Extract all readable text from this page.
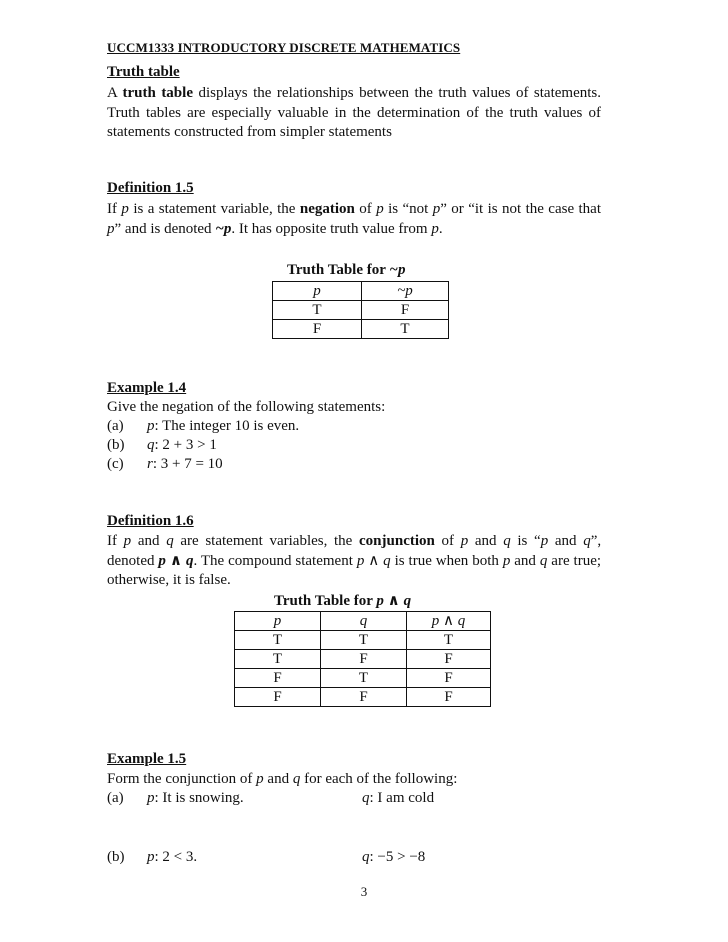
UCCM1333 INTRODUCTORY DISCRETE MATHEMATICS
Truth table
A truth table displays the relationships between the truth values of statements. Truth tables are especially valuable in the determination of the truth values of statements constructed from simpler statements
Definition 1.5
If p is a statement variable, the negation of p is “not p” or “it is not the case that p” and is denoted ~p. It has opposite truth value from p.
Truth Table for ~p
p	~p
T	F
F	T
Example 1.4
Give the negation of the following statements:
(a) p: The integer 10 is even.
(b) q: 2 + 3 > 1
(c) r: 3 + 7 = 10
Definition 1.6
If p and q are statement variables, the conjunction of p and q is “p and q”, denoted p ∧ q. The compound statement p ∧ q is true when both p and q are true; otherwise, it is false.
Truth Table for p ∧ q
p	q	p ∧ q
T	T	T
T	F	F
F	T	F
F	F	F
Example 1.5
Form the conjunction of p and q for each of the following:
(a) p: It is snowing.	q: I am cold
(b) p: 2 < 3.	q: −5 > −8
3
